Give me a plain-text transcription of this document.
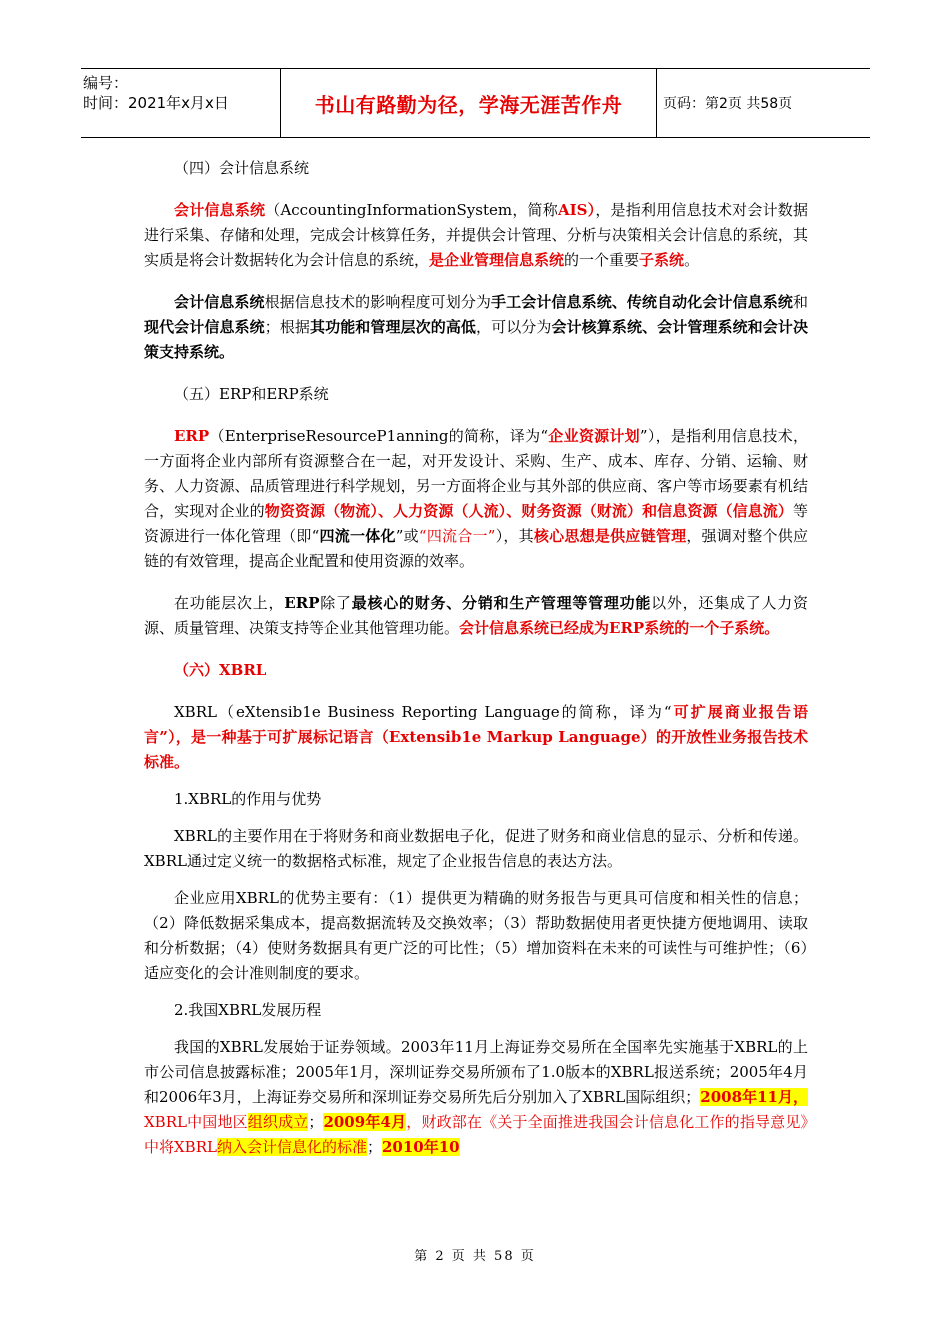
编号：
时间：2021年x月x日	书山有路勤为径，学海无涯苦作舟	页码：第2页 共58页

（四）会计信息系统

会计信息系统（AccountingInformationSystem，简称AIS），是指利用信息技术对会计数据进行采集、存储和处理，完成会计核算任务，并提供会计管理、分析与决策相关会计信息的系统，其实质是将会计数据转化为会计信息的系统，是企业管理信息系统的一个重要子系统。

会计信息系统根据信息技术的影响程度可划分为手工会计信息系统、传统自动化会计信息系统和现代会计信息系统；根据其功能和管理层次的高低，可以分为会计核算系统、会计管理系统和会计决策支持系统。

（五）ERP和ERP系统

ERP（EnterpriseResourceP1anning的简称，译为“企业资源计划”），是指利用信息技术，一方面将企业内部所有资源整合在一起，对开发设计、采购、生产、成本、库存、分销、运输、财务、人力资源、品质管理进行科学规划，另一方面将企业与其外部的供应商、客户等市场要素有机结合，实现对企业的物资资源（物流）、人力资源（人流）、财务资源（财流）和信息资源（信息流）等资源进行一体化管理（即“四流一体化”或“四流合一”），其核心思想是供应链管理，强调对整个供应链的有效管理，提高企业配置和使用资源的效率。

在功能层次上，ERP除了最核心的财务、分销和生产管理等管理功能以外，还集成了人力资源、质量管理、决策支持等企业其他管理功能。会计信息系统已经成为ERP系统的一个子系统。

（六）XBRL

XBRL（eXtensib1e Business Reporting Language的简称，译为“可扩展商业报告语言”），是一种基于可扩展标记语言（Extensib1e Markup Language）的开放性业务报告技术标准。

1.XBRL的作用与优势

XBRL的主要作用在于将财务和商业数据电子化，促进了财务和商业信息的显示、分析和传递。XBRL通过定义统一的数据格式标准，规定了企业报告信息的表达方法。

企业应用XBRL的优势主要有：（1）提供更为精确的财务报告与更具可信度和相关性的信息；（2）降低数据采集成本，提高数据流转及交换效率；（3）帮助数据使用者更快捷方便地调用、读取和分析数据；（4）使财务数据具有更广泛的可比性；（5）增加资料在未来的可读性与可维护性；（6）适应变化的会计准则制度的要求。

2.我国XBRL发展历程

我国的XBRL发展始于证券领域。2003年11月上海证券交易所在全国率先实施基于XBRL的上市公司信息披露标准；2005年1月，深圳证券交易所颁布了1.0版本的XBRL报送系统；2005年4月和2006年3月，上海证券交易所和深圳证券交易所先后分别加入了XBRL国际组织；2008年11月，XBRL中国地区组织成立；2009年4月，财政部在《关于全面推进我国会计信息化工作的指导意见》中将XBRL纳入会计信息化的标准；2010年10

第 2 页 共 58 页
